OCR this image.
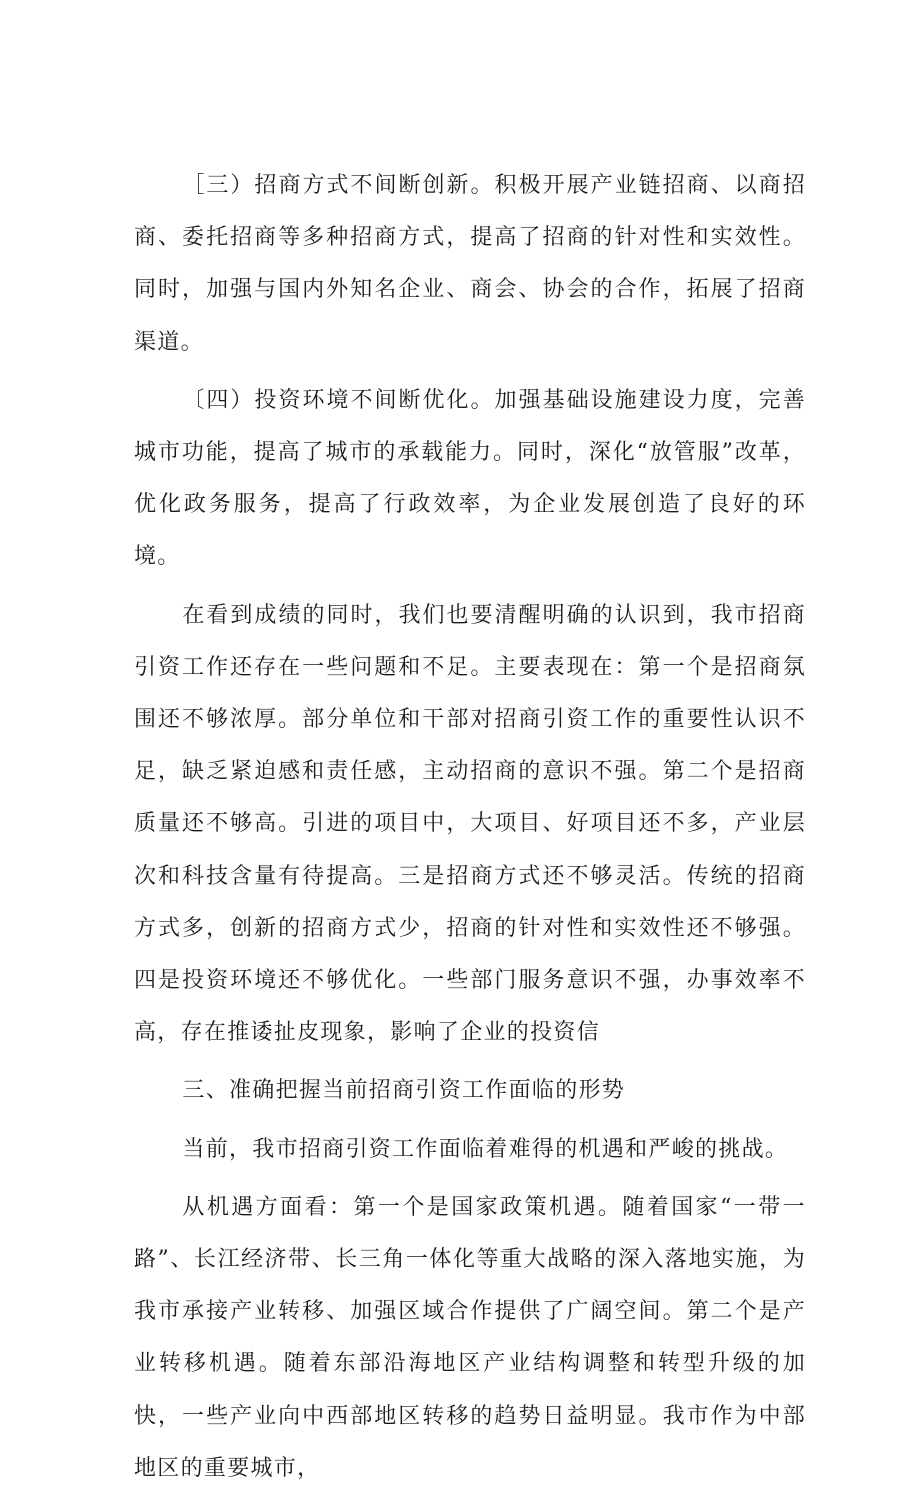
［三）招商方式不间断创新。积极开展产业链招商、以商招商、委托招商等多种招商方式，提高了招商的针对性和实效性。同时，加强与国内外知名企业、商会、协会的合作，拓展了招商渠道。

〔四）投资环境不间断优化。加强基础设施建设力度，完善城市功能，提高了城市的承载能力。同时，深化“放管服”改革，优化政务服务，提高了行政效率，为企业发展创造了良好的环境。

在看到成绩的同时，我们也要清醒明确的认识到，我市招商引资工作还存在一些问题和不足。主要表现在：第一个是招商氛围还不够浓厚。部分单位和干部对招商引资工作的重要性认识不足，缺乏紧迫感和责任感，主动招商的意识不强。第二个是招商质量还不够高。引进的项目中，大项目、好项目还不多，产业层次和科技含量有待提高。三是招商方式还不够灵活。传统的招商方式多，创新的招商方式少，招商的针对性和实效性还不够强。四是投资环境还不够优化。一些部门服务意识不强，办事效率不高，存在推诿扯皮现象，影响了企业的投资信

三、准确把握当前招商引资工作面临的形势

当前，我市招商引资工作面临着难得的机遇和严峻的挑战。

从机遇方面看：第一个是国家政策机遇。随着国家“一带一路”、长江经济带、长三角一体化等重大战略的深入落地实施，为我市承接产业转移、加强区域合作提供了广阔空间。第二个是产业转移机遇。随着东部沿海地区产业结构调整和转型升级的加快，一些产业向中西部地区转移的趋势日益明显。我市作为中部地区的重要城市，
